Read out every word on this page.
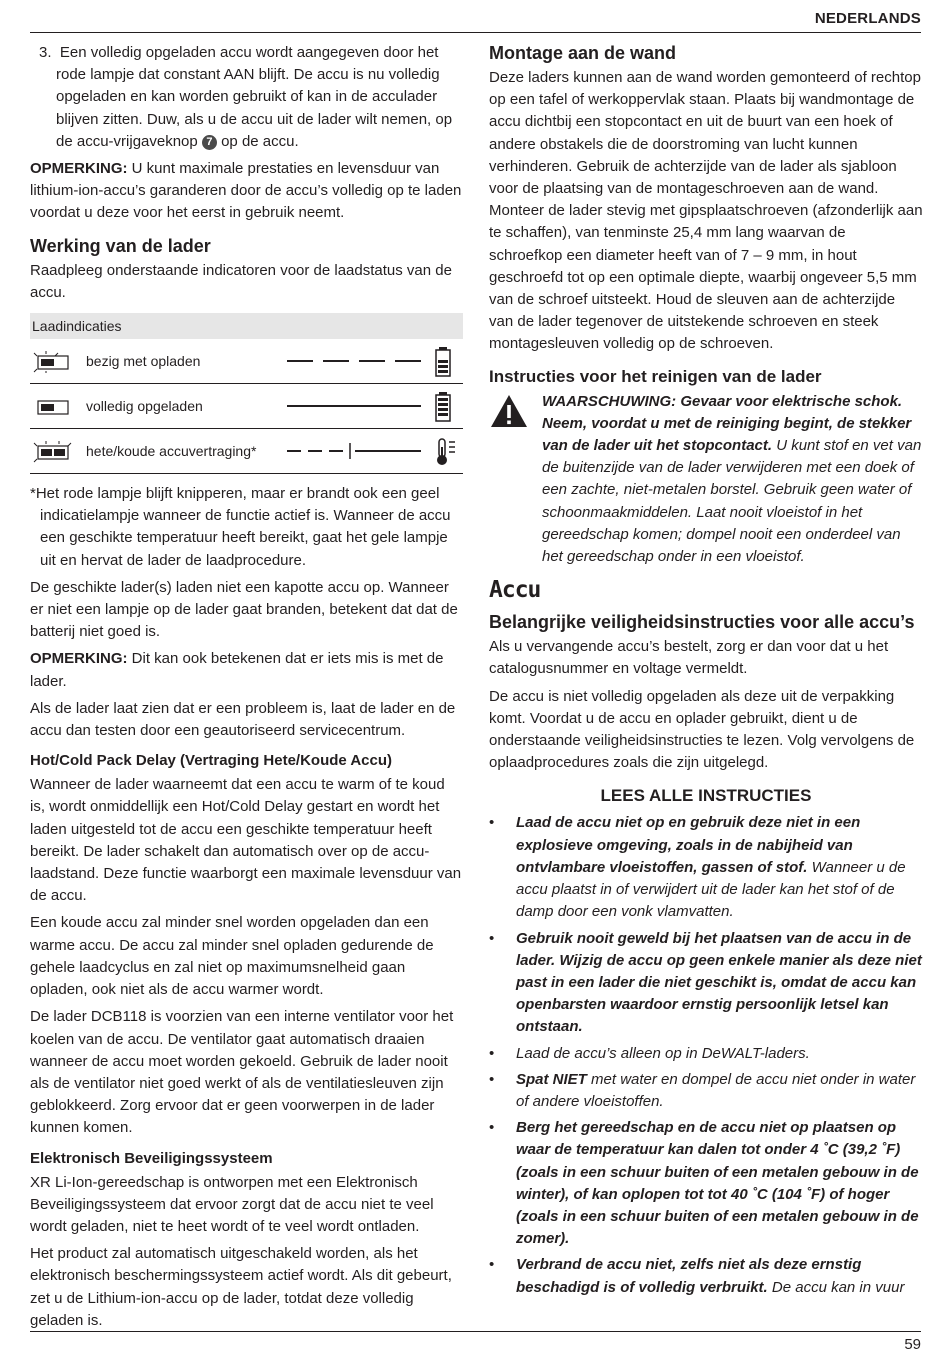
NEDERLANDS

3.  Een volledig opgeladen accu wordt aangegeven door het rode lampje dat constant AAN blijft. De accu is nu volledig opgeladen en kan worden gebruikt of kan in de acculader blijven zitten. Duw, als u de accu uit de lader wilt nemen, op de accu-vrijgaveknop 7 op de accu.

OPMERKING: U kunt maximale prestaties en levensduur van lithium-ion-accu’s garanderen door de accu’s volledig op te laden voordat u deze voor het eerst in gebruik neemt.

Werking van de lader

Raadpleeg onderstaande indicatoren voor de laadstatus van de accu.

Laadindicaties
bezig met opladen
volledig opgeladen
hete/koude accuvertraging*

*Het rode lampje blijft knipperen, maar er brandt ook een geel indicatielampje wanneer de functie actief is. Wanneer de accu een geschikte temperatuur heeft bereikt, gaat het gele lampje uit en hervat de lader de laadprocedure.

De geschikte lader(s) laden niet een kapotte accu op. Wanneer er niet een lampje op de lader gaat branden, betekent dat dat de batterij niet goed is.

OPMERKING: Dit kan ook betekenen dat er iets mis is met de lader.

Als de lader laat zien dat er een probleem is, laat de lader en de accu dan testen door een geautoriseerd servicecentrum.

Hot/Cold Pack Delay (Vertraging Hete/Koude Accu)

Wanneer de lader waarneemt dat een accu te warm of te koud is, wordt onmiddellijk een Hot/Cold Delay gestart en wordt het laden uitgesteld tot de accu een geschikte temperatuur heeft bereikt. De lader schakelt dan automatisch over op de accu-laadstand. Deze functie waarborgt een maximale levensduur van de accu.

Een koude accu zal minder snel worden opgeladen dan een warme accu. De accu zal minder snel opladen gedurende de gehele laadcyclus en zal niet op maximumsnelheid gaan opladen, ook niet als de accu warmer wordt.

De lader DCB118 is voorzien van een interne ventilator voor het koelen van de accu. De ventilator gaat automatisch draaien wanneer de accu moet worden gekoeld. Gebruik de lader nooit als de ventilator niet goed werkt of als de ventilatiesleuven zijn geblokkeerd. Zorg ervoor dat er geen voorwerpen in de lader kunnen komen.

Elektronisch Beveiligingssysteem

XR Li-Ion-gereedschap is ontworpen met een Elektronisch Beveiligingssysteem dat ervoor zorgt dat de accu niet te veel wordt geladen, niet te heet wordt of te veel wordt ontladen.

Het product zal automatisch uitgeschakeld worden, als het elektronisch beschermingssysteem actief wordt. Als dit gebeurt, zet u de Lithium-ion-accu op de lader, totdat deze volledig geladen is.

Montage aan de wand

Deze laders kunnen aan de wand worden gemonteerd of rechtop op een tafel of werkoppervlak staan. Plaats bij wandmontage de accu dichtbij een stopcontact en uit de buurt van een hoek of andere obstakels die de doorstroming van lucht kunnen verhinderen. Gebruik de achterzijde van de lader als sjabloon voor de plaatsing van de montageschroeven aan de wand. Monteer de lader stevig met gipsplaatschroeven (afzonderlijk aan te schaffen), van tenminste 25,4 mm lang waarvan de schroefkop een diameter heeft van of 7 – 9 mm, in hout geschroefd tot op een optimale diepte, waarbij ongeveer 5,5 mm van de schroef uitsteekt. Houd de sleuven aan de achterzijde van de lader tegenover de uitstekende schroeven en steek montagesleuven volledig op de schroeven.

Instructies voor het reinigen van de lader
WAARSCHUWING: Gevaar voor elektrische schok. Neem, voordat u met de reiniging begint, de stekker van de lader uit het stopcontact. U kunt stof en vet van de buitenzijde van de lader verwijderen met een doek of een zachte, niet-metalen borstel. Gebruik geen water of schoonmaakmiddelen. Laat nooit vloeistof in het gereedschap komen; dompel nooit een onderdeel van het gereedschap onder in een vloeistof.
Accu
Belangrijke veiligheidsinstructies voor alle accu’s

Als u vervangende accu’s bestelt, zorg er dan voor dat u het catalogusnummer en voltage vermeldt.

De accu is niet volledig opgeladen als deze uit de verpakking komt. Voordat u de accu en oplader gebruikt, dient u de onderstaande veiligheidsinstructies te lezen. Volg vervolgens de oplaadprocedures zoals die zijn uitgelegd.

LEES ALLE INSTRUCTIES
• Laad de accu niet op en gebruik deze niet in een explosieve omgeving, zoals in de nabijheid van ontvlambare vloeistoffen, gassen of stof. Wanneer u de accu plaatst in of verwijdert uit de lader kan het stof of de damp door een vonk vlamvatten.
• Gebruik nooit geweld bij het plaatsen van de accu in de lader. Wijzig de accu op geen enkele manier als deze niet past in een lader die niet geschikt is, omdat de accu kan openbarsten waardoor ernstig persoonlijk letsel kan ontstaan.
• Laad de accu’s alleen op in DeWALT-laders.
• Spat NIET met water en dompel de accu niet onder in water of andere vloeistoffen.
• Berg het gereedschap en de accu niet op plaatsen op waar de temperatuur kan dalen tot onder 4 ˚C (39,2 ˚F) (zoals in een schuur buiten of een metalen gebouw in de winter), of kan oplopen tot tot 40 ˚C (104 ˚F) of hoger (zoals in een schuur buiten of een metalen gebouw in de zomer).
• Verbrand de accu niet, zelfs niet als deze ernstig beschadigd is of volledig verbruikt. De accu kan in vuur
59
